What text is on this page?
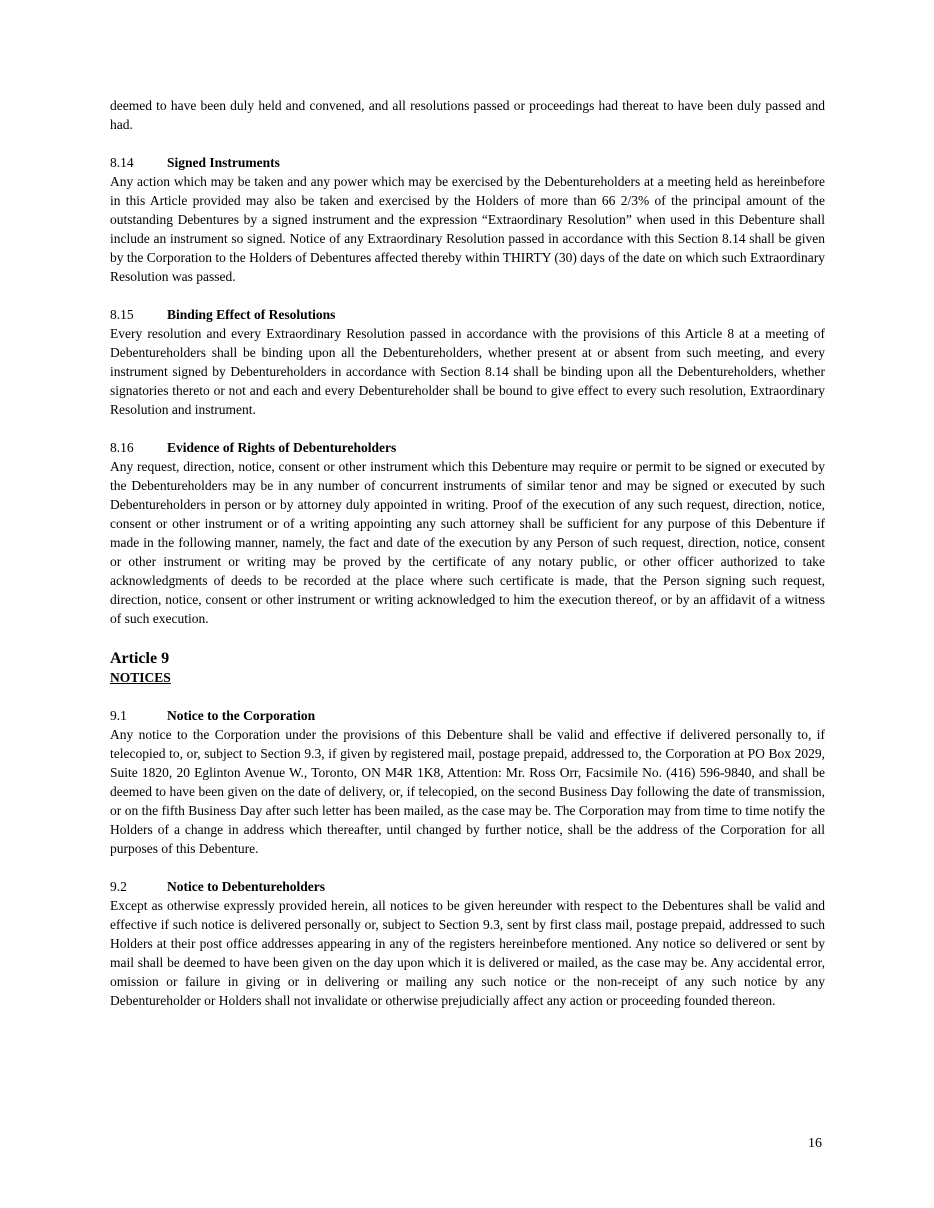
deemed to have been duly held and convened, and all resolutions passed or proceedings had thereat to have been duly passed and had.

8.14 Signed Instruments

Any action which may be taken and any power which may be exercised by the Debentureholders at a meeting held as hereinbefore in this Article provided may also be taken and exercised by the Holders of more than 66 2/3% of the principal amount of the outstanding Debentures by a signed instrument and the expression “Extraordinary Resolution” when used in this Debenture shall include an instrument so signed. Notice of any Extraordinary Resolution passed in accordance with this Section 8.14 shall be given by the Corporation to the Holders of Debentures affected thereby within THIRTY (30) days of the date on which such Extraordinary Resolution was passed.

8.15 Binding Effect of Resolutions

Every resolution and every Extraordinary Resolution passed in accordance with the provisions of this Article 8 at a meeting of Debentureholders shall be binding upon all the Debentureholders, whether present at or absent from such meeting, and every instrument signed by Debentureholders in accordance with Section 8.14 shall be binding upon all the Debentureholders, whether signatories thereto or not and each and every Debentureholder shall be bound to give effect to every such resolution, Extraordinary Resolution and instrument.

8.16 Evidence of Rights of Debentureholders

Any request, direction, notice, consent or other instrument which this Debenture may require or permit to be signed or executed by the Debentureholders may be in any number of concurrent instruments of similar tenor and may be signed or executed by such Debentureholders in person or by attorney duly appointed in writing. Proof of the execution of any such request, direction, notice, consent or other instrument or of a writing appointing any such attorney shall be sufficient for any purpose of this Debenture if made in the following manner, namely, the fact and date of the execution by any Person of such request, direction, notice, consent or other instrument or writing may be proved by the certificate of any notary public, or other officer authorized to take acknowledgments of deeds to be recorded at the place where such certificate is made, that the Person signing such request, direction, notice, consent or other instrument or writing acknowledged to him the execution thereof, or by an affidavit of a witness of such execution.

Article 9
NOTICES
9.1	Notice to the Corporation

Any notice to the Corporation under the provisions of this Debenture shall be valid and effective if delivered personally to, if telecopied to, or, subject to Section 9.3, if given by registered mail, postage prepaid, addressed to, the Corporation at PO Box 2029, Suite 1820, 20 Eglinton Avenue W., Toronto, ON M4R 1K8, Attention: Mr. Ross Orr, Facsimile No. (416) 596-9840, and shall be deemed to have been given on the date of delivery, or, if telecopied, on the second Business Day following the date of transmission, or on the fifth Business Day after such letter has been mailed, as the case may be. The Corporation may from time to time notify the Holders of a change in address which thereafter, until changed by further notice, shall be the address of the Corporation for all purposes of this Debenture.

9.2	Notice to Debentureholders

Except as otherwise expressly provided herein, all notices to be given hereunder with respect to the Debentures shall be valid and effective if such notice is delivered personally or, subject to Section 9.3, sent by first class mail, postage prepaid, addressed to such Holders at their post office addresses appearing in any of the registers hereinbefore mentioned. Any notice so delivered or sent by mail shall be deemed to have been given on the day upon which it is delivered or mailed, as the case may be. Any accidental error, omission or failure in giving or in delivering or mailing any such notice or the non-receipt of any such notice by any Debentureholder or Holders shall not invalidate or otherwise prejudicially affect any action or proceeding founded thereon.

16
